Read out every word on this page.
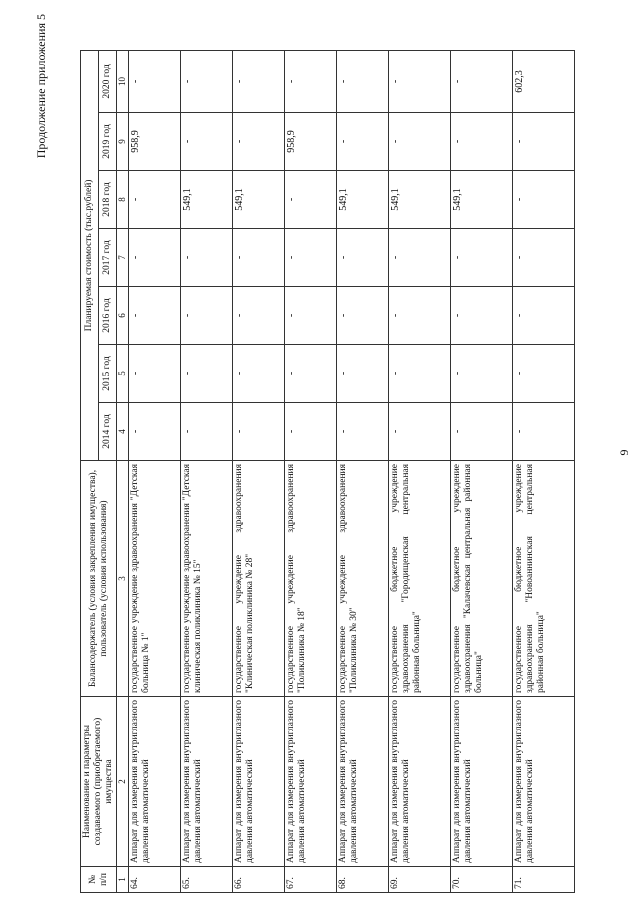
9
Продолжение приложения 5
№ п/п	Наименование и параметры создаваемого (приобретаемого) имущества	Балансодержатель (условия закрепления имущества), пользователь (условия использования)	Планируемая стоимость (тыс.рублей)						
			2014 год	2015 год	2016 год	2017 год	2018 год	2019 год	2020 год
1	2	3	4	5	6	7	8	9	10
64.	Аппарат для измерения внутриглазного давления автоматический	государственное учреждение здравоохранения "Детская больница № 1"	-	-	-	-	-	958,9	-
65.	Аппарат для измерения внутриглазного давления автоматический	государственное учреждение здравоохранения "Детская клиническая поликлиника № 15"	-	-	-	-	549,1	-	-
66.	Аппарат для измерения внутриглазного давления автоматический	государственное учреждение здравоохранения "Клиническая поликлиника № 28"	-	-	-	-	549,1	-	-
67.	Аппарат для измерения внутриглазного давления автоматический	государственное учреждение здравоохранения "Поликлиника № 18"	-	-	-	-	-	958,9	-
68.	Аппарат для измерения внутриглазного давления автоматический	государственное учреждение здравоохранения "Поликлиника № 30"	-	-	-	-	549,1	-	-
69.	Аппарат для измерения внутриглазного давления автоматический	государственное бюджетное учреждение здравоохранения "Городищенская центральная районная больница"	-	-	-	-	549,1	-	-
70.	Аппарат для измерения внутриглазного давления автоматический	государственное бюджетное учреждение здравоохранения "Калачевская центральная районная больница"	-	-	-	-	549,1	-	-
71.	Аппарат для измерения внутриглазного давления автоматический	государственное бюджетное учреждение здравоохранения "Новоаннинская центральная районная больница"	-	-	-	-	-	-	602,3
